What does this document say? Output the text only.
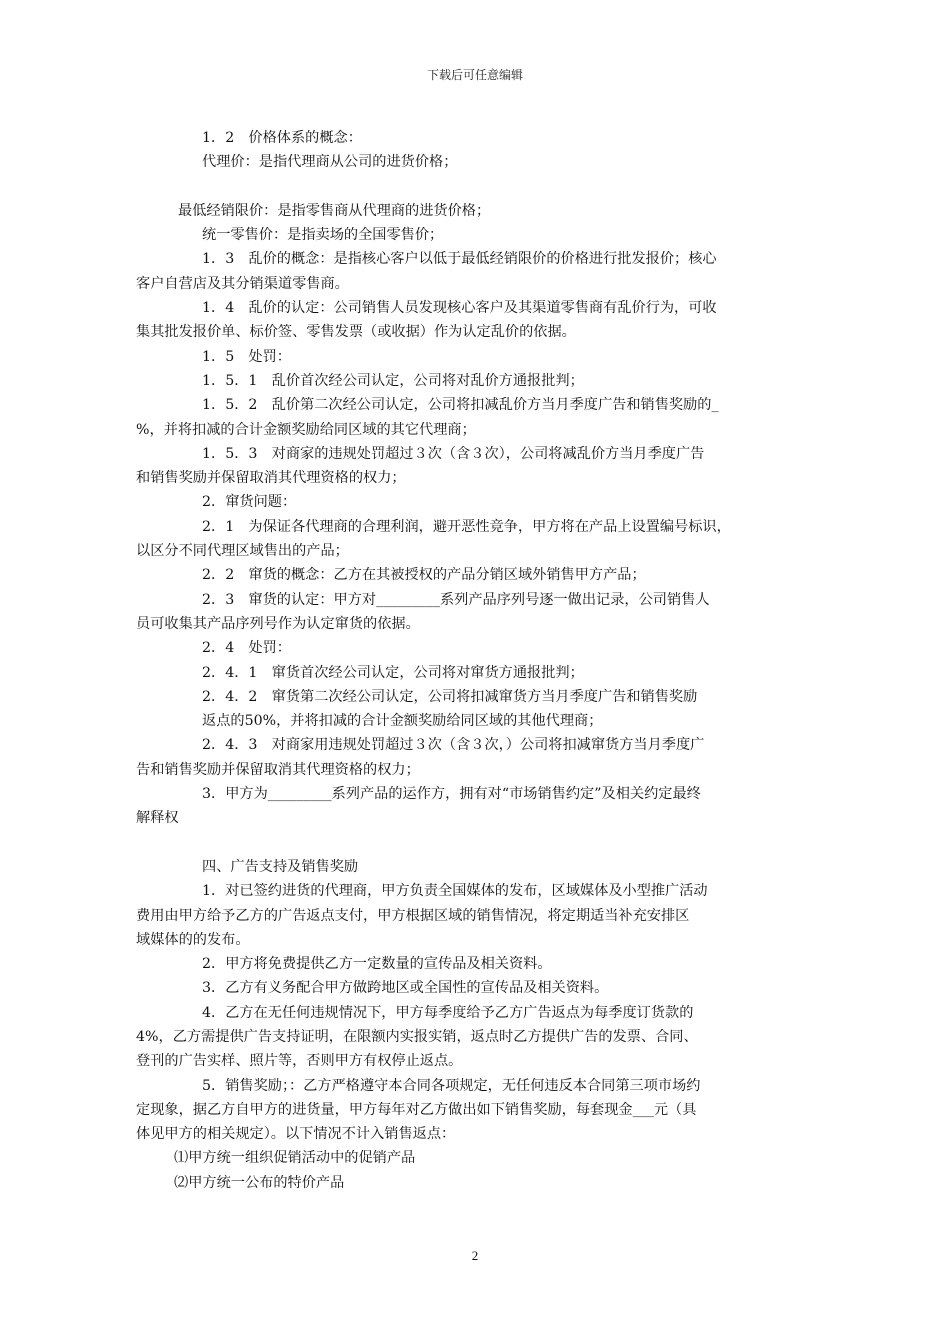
下载后可任意编辑

1．2　价格体系的概念：

代理价：是指代理商从公司的进货价格；

最低经销限价：是指零售商从代理商的进货价格；

统一零售价：是指卖场的全国零售价；

1．3　乱价的概念：是指核心客户以低于最低经销限价的价格进行批发报价；核心

客户自营店及其分销渠道零售商。

1．4　乱价的认定：公司销售人员发现核心客户及其渠道零售商有乱价行为，可收

集其批发报价单、标价签、零售发票（或收据）作为认定乱价的依据。

1．5　处罚：

1．5．1　乱价首次经公司认定，公司将对乱价方通报批判；

1．5．2　乱价第二次经公司认定，公司将扣减乱价方当月季度广告和销售奖励的_

%，并将扣减的合计金额奖励给同区域的其它代理商；

1．5．3　对商家的违规处罚超过３次（含３次），公司将减乱价方当月季度广告

和销售奖励并保留取消其代理资格的权力；

2．窜货问题：

2．1　为保证各代理商的合理利润，避开恶性竞争，甲方将在产品上设置编号标识，

以区分不同代理区域售出的产品；

2．2　窜货的概念：乙方在其被授权的产品分销区域外销售甲方产品；

2．3　窜货的认定：甲方对_________系列产品序列号逐一做出记录，公司销售人

员可收集其产品序列号作为认定窜货的依据。

2．4　处罚：

2．4．1　窜货首次经公司认定，公司将对窜货方通报批判；

2．4．2　窜货第二次经公司认定，公司将扣减窜货方当月季度广告和销售奖励

返点的50%，并将扣减的合计金额奖励给同区域的其他代理商；

2．4．3　对商家用违规处罚超过３次（含３次，）公司将扣减窜货方当月季度广

告和销售奖励并保留取消其代理资格的权力；

3．甲方为_________系列产品的运作方，拥有对“市场销售约定”及相关约定最终

解释权

四、广告支持及销售奖励

1．对已签约进货的代理商，甲方负责全国媒体的发布，区域媒体及小型推广活动

费用由甲方给予乙方的广告返点支付，甲方根据区域的销售情况，将定期适当补充安排区

域媒体的的发布。

2．甲方将免费提供乙方一定数量的宣传品及相关资料。

3．乙方有义务配合甲方做跨地区或全国性的宣传品及相关资料。

4．乙方在无任何违规情况下，甲方每季度给予乙方广告返点为每季度订货款的

4%，乙方需提供广告支持证明，在限额内实报实销，返点时乙方提供广告的发票、合同、

登刊的广告实样、照片等，否则甲方有权停止返点。

5．销售奖励；：乙方严格遵守本合同各项规定，无任何违反本合同第三项市场约

定现象，据乙方自甲方的进货量，甲方每年对乙方做出如下销售奖励，每套现金___元（具

体见甲方的相关规定）。以下情况不计入销售返点：

⑴甲方统一组织促销活动中的促销产品

⑵甲方统一公布的特价产品

2
